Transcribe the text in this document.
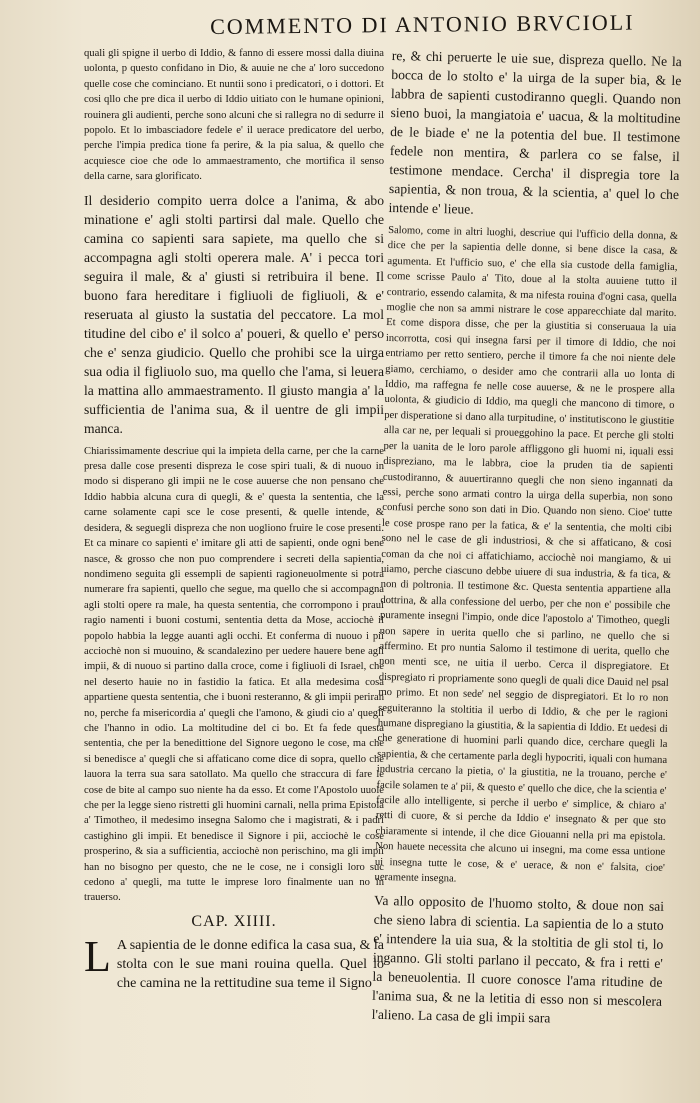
COMMENTO DI ANTONIO BRVCIOLI

quali gli spigne il uerbo di Iddio, & fanno di essere mossi dalla diuina uolonta, p questo confidano in Dio, & auuie ne che a' loro succedono quelle cose che cominciano. Et nuntii sono i predicatori, o i dottori. Et cosi qllo che pre dica il uerbo di Iddio uitiato con le humane opinioni, rouinera gli audienti, perche sono alcuni che si rallegra no di sedurre il popolo. Et lo imbasciadore fedele e' il uerace predicatore del uerbo, perche l'impia predica tione fa perire, & la pia salua, & quello che acquiesce cioe che ode lo ammaestramento, che mortifica il senso della carne, sara glorificato.

Il desiderio compito uerra dolce a l'anima, & abo minatione e' agli stolti partirsi dal male. Quello che camina co sapienti sara sapiete, ma quello che si accompagna agli stolti operera male. A' i pecca tori seguira il male, & a' giusti si retribuira il bene. Il buono fara hereditare i figliuoli de figliuoli, & e' reseruata al giusto la sustatia del peccatore. La mol titudine del cibo e' il solco a' poueri, & quello e' perso che e' senza giudicio. Quello che prohibi sce la uirga sua odia il figliuolo suo, ma quello che l'ama, si leuera la mattina allo ammaestramento. Il giusto mangia a' la sufficientia de l'anima sua, & il uentre de gli impii manca.

Chiarissimamente descriue qui la impieta della carne, per che la carne presa dalle cose presenti dispreza le cose spiri tuali, & di nuouo in modo si disperano gli impii ne le cose auuerse che non pensano che Iddio habbia alcuna cura di quegli, & e' questa la sententia, che la carne solamente capi sce le cose presenti, & quelle intende, & desidera, & seguegli dispreza che non uogliono fruire le cose presenti. Et ca minare co sapienti e' imitare gli atti de sapienti, onde ogni bene nasce, & grosso che non puo comprendere i secreti della sapientia, nondimeno seguita gli essempli de sapienti ragioneuolmente si potra numerare fra sapienti, quello che segue, ma quello che si accompagna agli stolti opere ra male, ha questa sententia, che corrompono i praui ragio namenti i buoni costumi, sententia detta da Mose, acciochè il popolo habbia la legge auanti agli occhi. Et conferma di nuouo i pii acciochè non si muouino, & scandalezino per uedere hauere bene agli impii, & di nuouo si partino dalla croce, come i figliuoli di Israel, che nel deserto hauie no in fastidio la fatica. Et alla medesima cosa appartiene questa sententia, che i buoni resteranno, & gli impii periran no, perche fa misericordia a' quegli che l'amono, & giudi cio a' quegli che l'hanno in odio. La moltitudine del ci bo. Et fa fede questa sententia, che per la benedittione del Signore uegono le cose, ma che si benedisce a' quegli che si affaticano come dice di sopra, quello che lauora la terra sua sara satollato. Ma quello che straccura di fare le cose de bite al campo suo niente ha da esso. Et come l'Apostolo uuole che per la legge sieno ristretti gli huomini carnali, nella prima Epistola a' Timotheo, il medesimo insegna Salomo che i magistrati, & i padri castighino gli impii. Et benedisce il Signore i pii, acciochè le cose prosperino, & sia a sufficientia, acciochè non perischino, ma gli impii han no bisogno per questo, che ne le cose, ne i consigli loro suc cedono a' quegli, ma tutte le imprese loro finalmente uan no in trauerso.

CAP. XIIII.

L A sapientia de le donne edifica la casa sua, & la stolta con le sue mani rouina quella. Quel lo che camina ne la rettitudine sua teme il Signo

re, & chi peruerte le uie sue, dispreza quello. Ne la bocca de lo stolto e' la uirga de la super bia, & le labbra de sapienti custodiranno quegli. Quando non sieno buoi, la mangiatoia e' uacua, & la moltitudine de le biade e' ne la potentia del bue. Il testimone fedele non mentira, & parlera co se false, il testimone mendace. Cercha' il dispregia tore la sapientia, & non troua, & la scientia, a' quel lo che intende e' lieue.

Salomo, come in altri luoghi, descriue qui l'ufficio della donna, & dice che per la sapientia delle donne, si bene disce la casa, & agumenta. Et l'ufficio suo, e' che ella sia custode della famiglia, come scrisse Paulo a' Tito, doue al la stolta auuiene tutto il contrario, essendo calamita, & ma nifesta rouina d'ogni casa, quella moglie che non sa ammi nistrare le cose apparecchiate dal marito. Et come dispora disse, che per la giustitia si conseruaua la uia incorrotta, cosi qui insegna farsi per il timore di Iddio, che noi entriamo per retto sentiero, perche il timore fa che noi niente dele giamo, cerchiamo, o desider amo che contrarii alla uo lonta di Iddio, ma raffegna fe nelle cose auuerse, & ne le prospere alla uolonta, & giudicio di Iddio, ma quegli che mancono di timore, o per disperatione si dano alla turpitudine, o' institutiscono le giustitie alla car ne, per lequali si proueggohino la pace. Et perche gli stolti per la uanita de le loro parole affliggono gli huomi ni, iquali essi dispreziano, ma le labbra, cioe la pruden tia de sapienti custodiranno, & auuertiranno quegli che non sieno ingannati da essi, perche sono armati contro la uirga della superbia, non sono confusi perche sono son dati in Dio. Quando non sieno. Cioe' tutte le cose prospe rano per la fatica, & e' la sententia, che molti cibi sono nel le case de gli industriosi, & che si affaticano, & cosi coman da che noi ci affatichiamo, acciochè noi mangiamo, & ui uiamo, perche ciascuno debbe uiuere di sua industria, & fa tica, & non di poltronia. Il testimone &c. Questa sententia appartiene alla dottrina, & alla confessione del uerbo, per che non e' possibile che puramente insegni l'impio, onde dice l'apostolo a' Timotheo, quegli non sapere in uerita quello che si parlino, ne quello che si affermino. Et pro nuntia Salomo il testimone di uerita, quello che non menti sce, ne uitia il uerbo. Cerca il dispregiatore. Et dispregiato ri propriamente sono quegli de quali dice Dauid nel psal mo primo. Et non sede' nel seggio de dispregiatori. Et lo ro non seguiteranno la stoltitia il uerbo di Iddio, & che per le ragioni humane dispregiano la giustitia, & la sapientia di Iddio. Et uedesi di che generatione di huomini parli quando dice, cerchare quegli la sapientia, & che certamente parla degli hypocriti, iquali con humana industria cercano la pietia, o' la giustitia, ne la trouano, perche e' facile solamen te a' pii, & questo e' quello che dice, che la scientia e' facile allo intelligente, si perche il uerbo e' simplice, & chiaro a' retti di cuore, & si perche da Iddio e' insegnato & per que sto chiaramente si intende, il che dice Giouanni nella pri ma epistola. Non hauete necessita che alcuno ui insegni, ma come essa untione ui insegna tutte le cose, & e' uerace, & non e' falsita, cioe' ueramente insegna.

Va allo opposito de l'huomo stolto, & doue non sai che sieno labra di scientia. La sapientia de lo a stuto e' intendere la uia sua, & la stoltitia de gli stol ti, lo inganno. Gli stolti parlano il peccato, & fra i retti e' la beneuolentia. Il cuore conosce l'ama ritudine de l'anima sua, & ne la letitia di esso non si mescolera l'alieno. La casa de gli impii sara
